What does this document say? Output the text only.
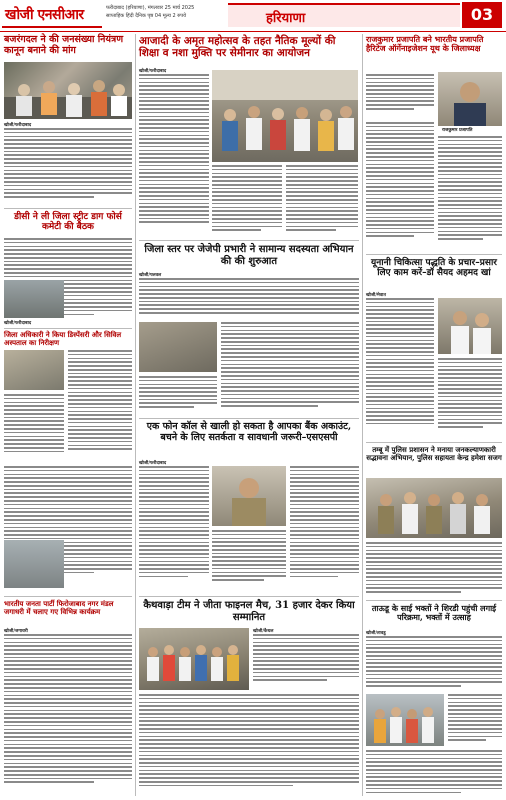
खोजी एनसीआर	फरीदाबाद (हरियाणा), मंगलवार 25 मार्च 2025
साप्ताहिक हिंदी दैनिक पृष्ठ 04 मूल्य 2 रुपये	हरियाणा	03
बजरंगदल ने की जनसंख्या नियंत्रण कानून बनाने की मांग
खोजी/फरीदाबाद
डीसी ने ली जिला स्ट्रीट डाग फोर्स कमेटी की बैठक
खोजी/फरीदाबाद
जिला अधिकारी ने किया डिस्पेंसरी और सिविल अस्पताल का निरीक्षण
भारतीय जनता पार्टी फिरोजाबाद नगर मंडल जगाधरी में चलाए गए विभिन्न कार्यक्रम
खोजी/जगाधरी
आजादी के अमृत महोत्सव के तहत नैतिक मूल्यों की शिक्षा व नशा मुक्ति पर सेमीनार का आयोजन
खोजी/फरीदाबाद
जिला स्तर पर जेजेपी प्रभारी ने सामान्य सदस्यता अभियान की की शुरुआत
खोजी/पलवल
एक फोन कॉल से खाली हो सकता है आपका बैंक अकाउंट, बचने के लिए सतर्कता व सावधानी जरूरी–एसएसपी
खोजी/फरीदाबाद
कैथवाड़ा टीम ने जीता फाइनल मैच, 31 हजार देकर किया सम्मानित
खोजी/कैथल
राजकुमार प्रजापति बने भारतीय प्रजापति हैरिटेज ऑर्गेनाइजेशन यूथ के जिलाध्यक्ष
राजकुमार प्रजापति
यूनानी चिकित्सा पद्धति के प्रचार–प्रसार लिए काम करें–डॉ सैयद अहमद खां
खोजी/मेवात
तम्बू में पुलिस प्रशासन ने मनाया जनकल्याणकारी सद्भावना अभियान, पुलिस सहायता केन्द्र हमेशा सजग
ताऊडू के साई भक्तों ने शिरडी पहुंची लगाई परिक्रमा, भक्तों में उत्साह
खोजी/तावडू
